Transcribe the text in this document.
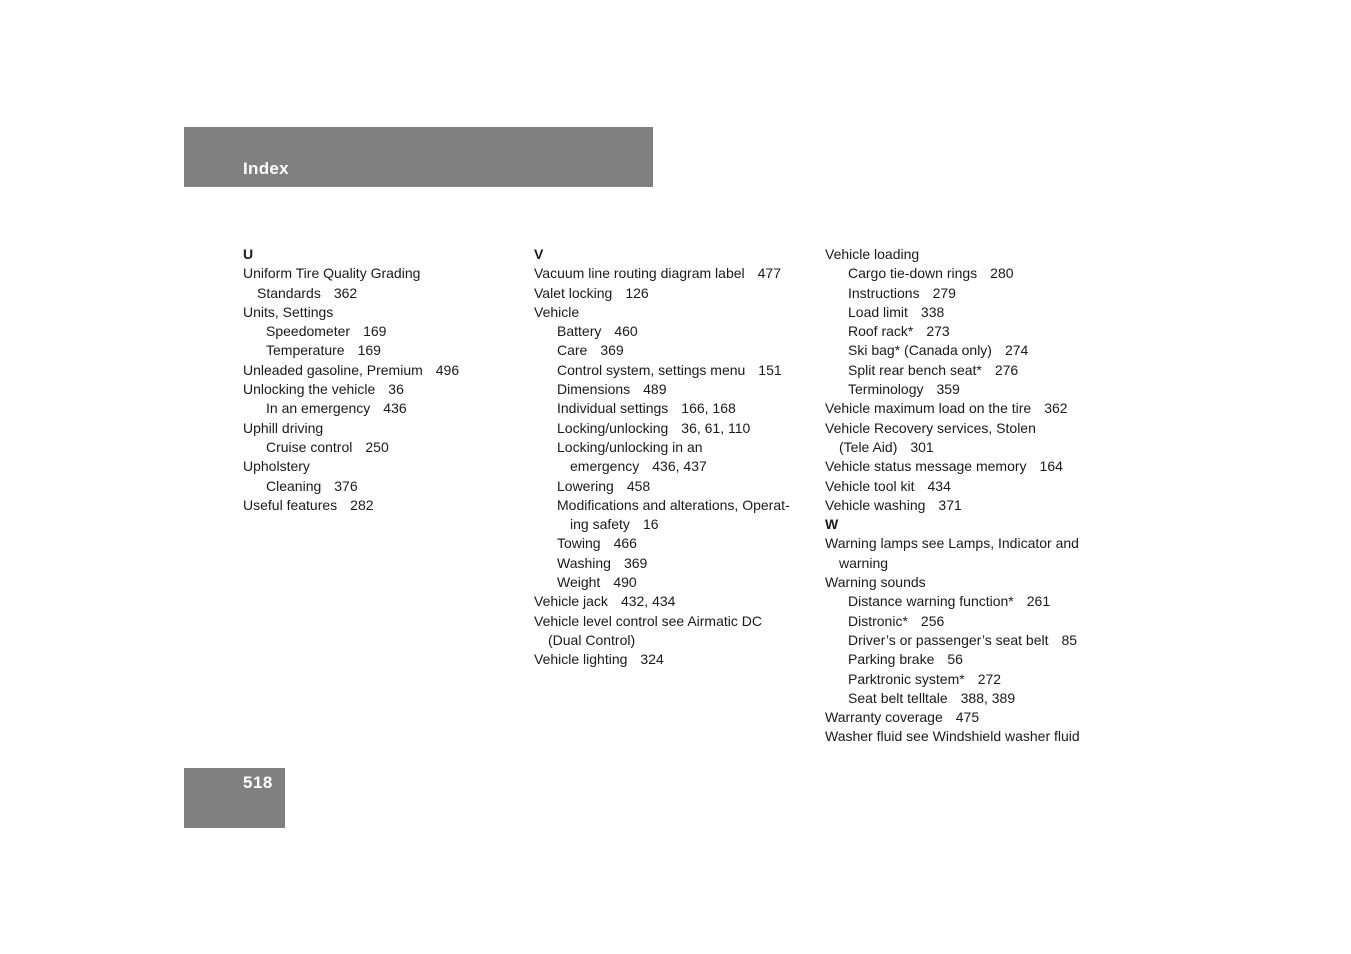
Index
U
Uniform Tire Quality Grading
Standards 362
Units, Settings
Speedometer 169
Temperature 169
Unleaded gasoline, Premium 496
Unlocking the vehicle 36
In an emergency 436
Uphill driving
Cruise control 250
Upholstery
Cleaning 376
Useful features 282
V
Vacuum line routing diagram label 477
Valet locking 126
Vehicle
Battery 460
Care 369
Control system, settings menu 151
Dimensions 489
Individual settings 166, 168
Locking/unlocking 36, 61, 110
Locking/unlocking in an
emergency 436, 437
Lowering 458
Modifications and alterations, Operat-
ing safety 16
Towing 466
Washing 369
Weight 490
Vehicle jack 432, 434
Vehicle level control see Airmatic DC
(Dual Control)
Vehicle lighting 324
Vehicle loading
Cargo tie-down rings 280
Instructions 279
Load limit 338
Roof rack* 273
Ski bag* (Canada only) 274
Split rear bench seat* 276
Terminology 359
Vehicle maximum load on the tire 362
Vehicle Recovery services, Stolen
(Tele Aid) 301
Vehicle status message memory 164
Vehicle tool kit 434
Vehicle washing 371
W
Warning lamps see Lamps, Indicator and
warning
Warning sounds
Distance warning function* 261
Distronic* 256
Driver’s or passenger’s seat belt 85
Parking brake 56
Parktronic system* 272
Seat belt telltale 388, 389
Warranty coverage 475
Washer fluid see Windshield washer fluid
518
